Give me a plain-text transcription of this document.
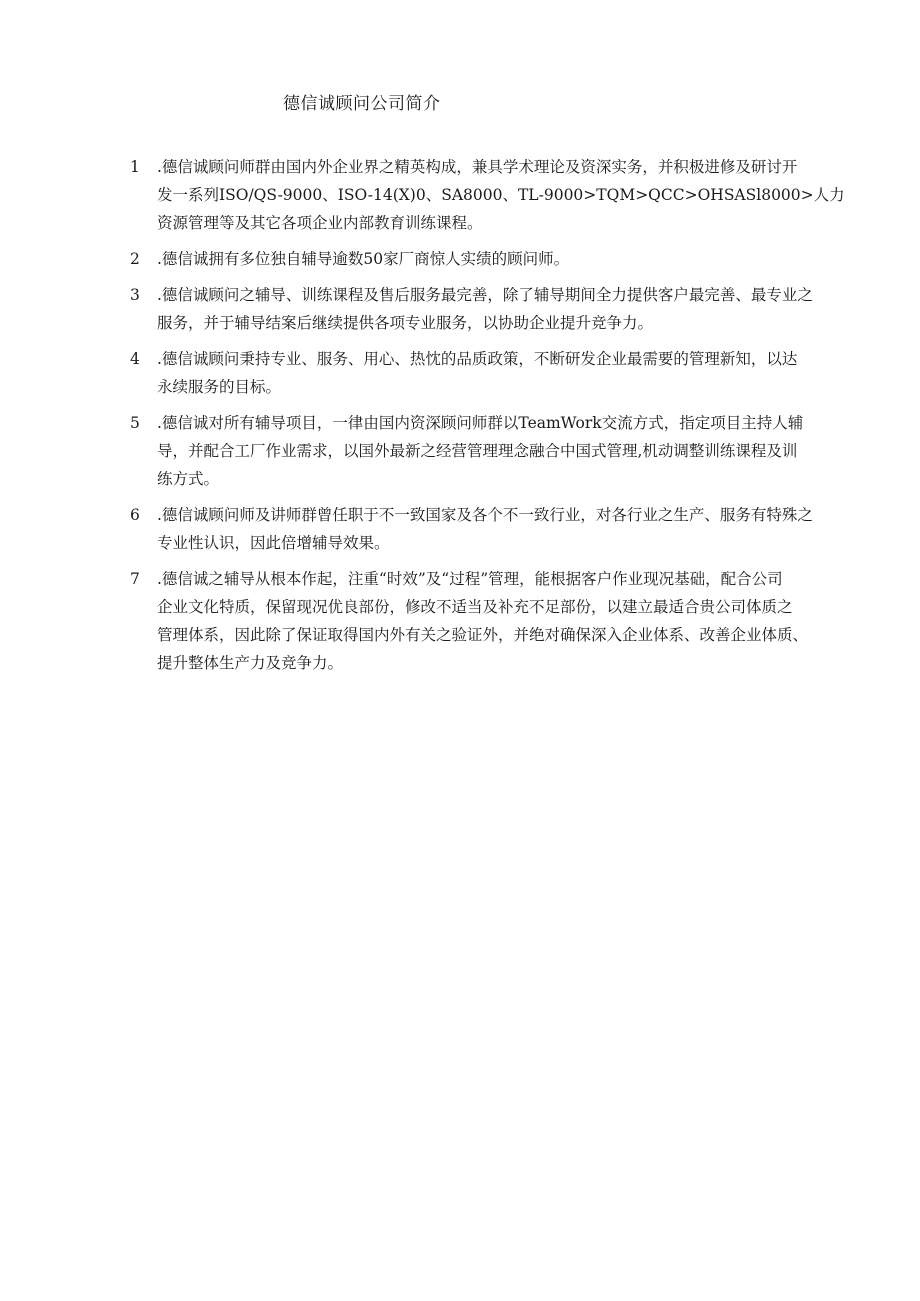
德信诚顾问公司简介
1	.德信诚顾问师群由国内外企业界之精英构成，兼具学术理论及资深实务，并积极进修及研讨开
发一系列ISO/QS-9000、ISO-14(X)0、SA8000、TL-9000>TQM>QCC>OHSASl8000>人力
资源管理等及其它各项企业内部教育训练课程。
2	.德信诚拥有多位独自辅导逾数50家厂商惊人实绩的顾问师。
3	.德信诚顾问之辅导、训练课程及售后服务最完善，除了辅导期间全力提供客户最完善、最专业之
服务，并于辅导结案后继续提供各项专业服务，以协助企业提升竞争力。
4	.德信诚顾问秉持专业、服务、用心、热忱的品质政策，不断研发企业最需要的管理新知，以达
永续服务的目标。
5	.德信诚对所有辅导项目，一律由国内资深顾问师群以TeamWork交流方式，指定项目主持人辅
导，并配合工厂作业需求，以国外最新之经营管理理念融合中国式管理,机动调整训练课程及训
练方式。
6	.德信诚顾问师及讲师群曾任职于不一致国家及各个不一致行业，对各行业之生产、服务有特殊之
专业性认识，因此倍增辅导效果。
7	.德信诚之辅导从根本作起，注重“时效”及“过程”管理，能根据客户作业现况基础，配合公司
企业文化特质，保留现况优良部份，修改不适当及补充不足部份，以建立最适合贵公司体质之
管理体系，因此除了保证取得国内外有关之验证外，并绝对确保深入企业体系、改善企业体质、
提升整体生产力及竞争力。
